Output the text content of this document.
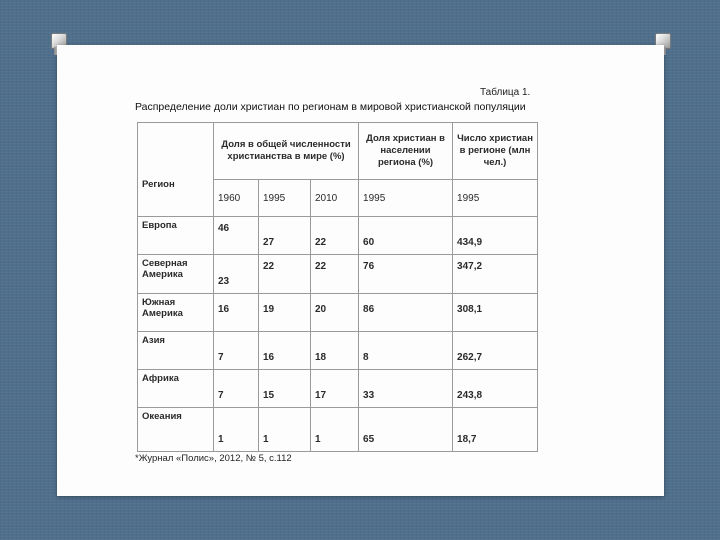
Таблица 1.
Распределение доли христиан по регионам в мировой христианской популяции
Регион	Доля в общей численности христианства в мире (%)			Доля христиан в населении региона (%)	Число христиан в регионе (млн чел.)
	1960	1995	2010	1995	1995
Европа	46	27	22	60	434,9
Северная Америка	23	22	22	76	347,2
Южная Америка	16	19	20	86	308,1
Азия	7	16	18	8	262,7
Африка	7	15	17	33	243,8
Океания	1	1	1	65	18,7
*Журнал «Полис», 2012, № 5, с.112
